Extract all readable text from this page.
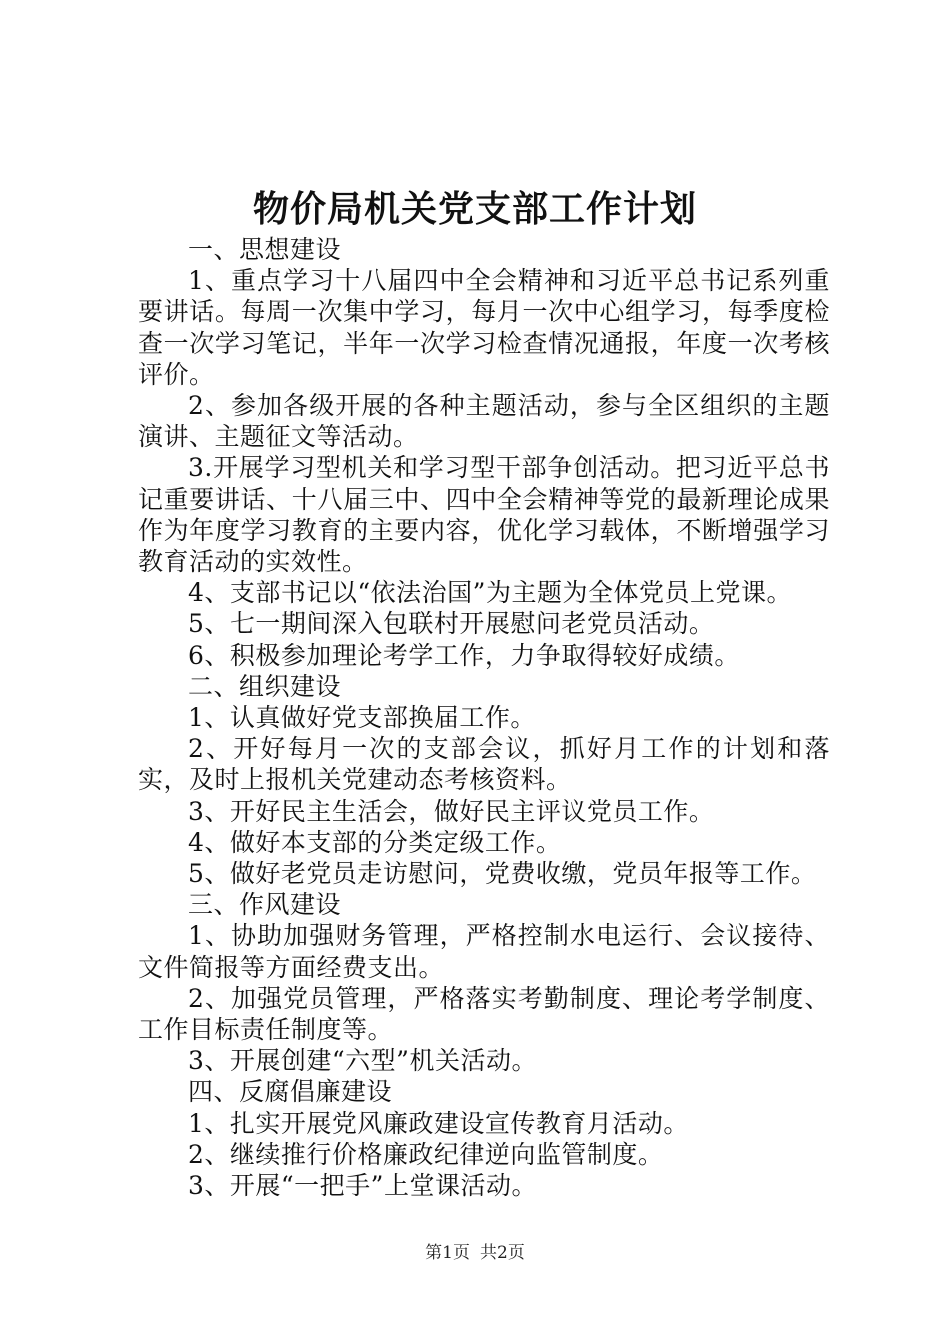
物价局机关党支部工作计划

一、思想建设

1、重点学习十八届四中全会精神和习近平总书记系列重要讲话。每周一次集中学习，每月一次中心组学习，每季度检查一次学习笔记，半年一次学习检查情况通报，年度一次考核评价。

2、参加各级开展的各种主题活动，参与全区组织的主题演讲、主题征文等活动。

3.开展学习型机关和学习型干部争创活动。把习近平总书记重要讲话、十八届三中、四中全会精神等党的最新理论成果作为年度学习教育的主要内容，优化学习载体，不断增强学习教育活动的实效性。

4、支部书记以“依法治国”为主题为全体党员上党课。

5、七一期间深入包联村开展慰问老党员活动。

6、积极参加理论考学工作，力争取得较好成绩。

二、组织建设

1、认真做好党支部换届工作。

2、开好每月一次的支部会议，抓好月工作的计划和落实，及时上报机关党建动态考核资料。

3、开好民主生活会，做好民主评议党员工作。

4、做好本支部的分类定级工作。

5、做好老党员走访慰问，党费收缴，党员年报等工作。

三、作风建设

1、协助加强财务管理，严格控制水电运行、会议接待、文件简报等方面经费支出。

2、加强党员管理，严格落实考勤制度、理论考学制度、工作目标责任制度等。

3、开展创建“六型”机关活动。

四、反腐倡廉建设

1、扎实开展党风廉政建设宣传教育月活动。

2、继续推行价格廉政纪律逆向监管制度。

3、开展“一把手”上堂课活动。

第1页 共2页
